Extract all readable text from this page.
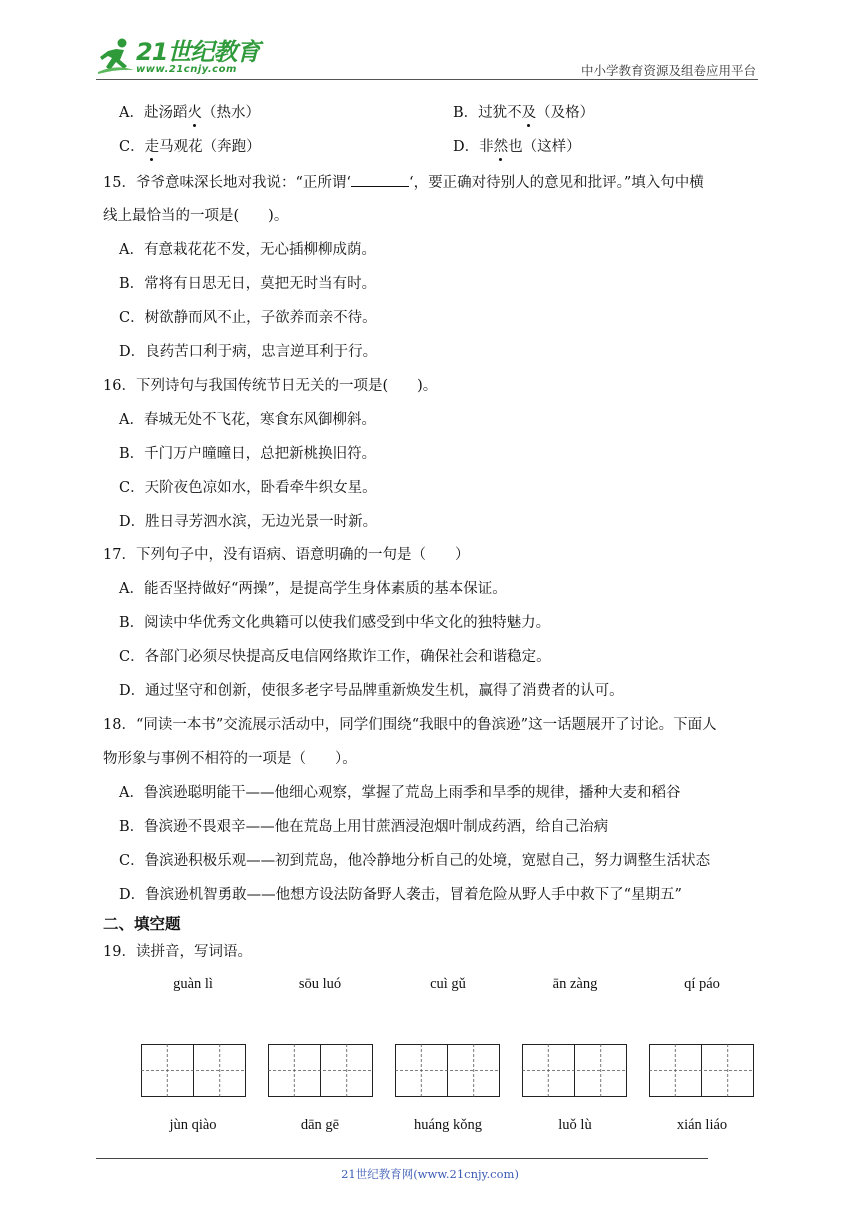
21世纪教育
www.21cnjy.com	中小学教育资源及组卷应用平台
A．赴汤蹈火（热水）	B．过犹不及（及格）
C．走马观花（奔跑）	D．非然也（这样）
15．爷爷意味深长地对我说：“正所谓‘	‘，要正确对待别人的意见和批评。”填入句中横
线上最恰当的一项是(　　)。
A．有意栽花花不发，无心插柳柳成荫。
B．常将有日思无日，莫把无时当有时。
C．树欲静而风不止，子欲养而亲不待。
D．良药苦口利于病，忠言逆耳利于行。
16．下列诗句与我国传统节日无关的一项是(　　)。
A．春城无处不飞花，寒食东风御柳斜。
B．千门万户曈曈日，总把新桃换旧符。
C．天阶夜色凉如水，卧看牵牛织女星。
D．胜日寻芳泗水滨，无边光景一时新。
17．下列句子中，没有语病、语意明确的一句是（　　）
A．能否坚持做好“两操”，是提高学生身体素质的基本保证。
B．阅读中华优秀文化典籍可以使我们感受到中华文化的独特魅力。
C．各部门必须尽快提高反电信网络欺诈工作，确保社会和谐稳定。
D．通过坚守和创新，使很多老字号品牌重新焕发生机，赢得了消费者的认可。
18．“同读一本书”交流展示活动中，同学们围绕“我眼中的鲁滨逊”这一话题展开了讨论。下面人
物形象与事例不相符的一项是（　　）。
A．鲁滨逊聪明能干——他细心观察，掌握了荒岛上雨季和旱季的规律，播种大麦和稻谷
B．鲁滨逊不畏艰辛——他在荒岛上用甘蔗酒浸泡烟叶制成药酒，给自己治病
C．鲁滨逊积极乐观——初到荒岛，他冷静地分析自己的处境，宽慰自己，努力调整生活状态
D．鲁滨逊机智勇敢——他想方设法防备野人袭击，冒着危险从野人手中救下了“星期五”
二、填空题
19．读拼音，写词语。
guàn lì	sōu luó	cuì gǔ	ān zàng	qí páo
jùn qiào	dān gē	huáng kǒng	luǒ lù	xián liáo
21世纪教育网(www.21cnjy.com)
